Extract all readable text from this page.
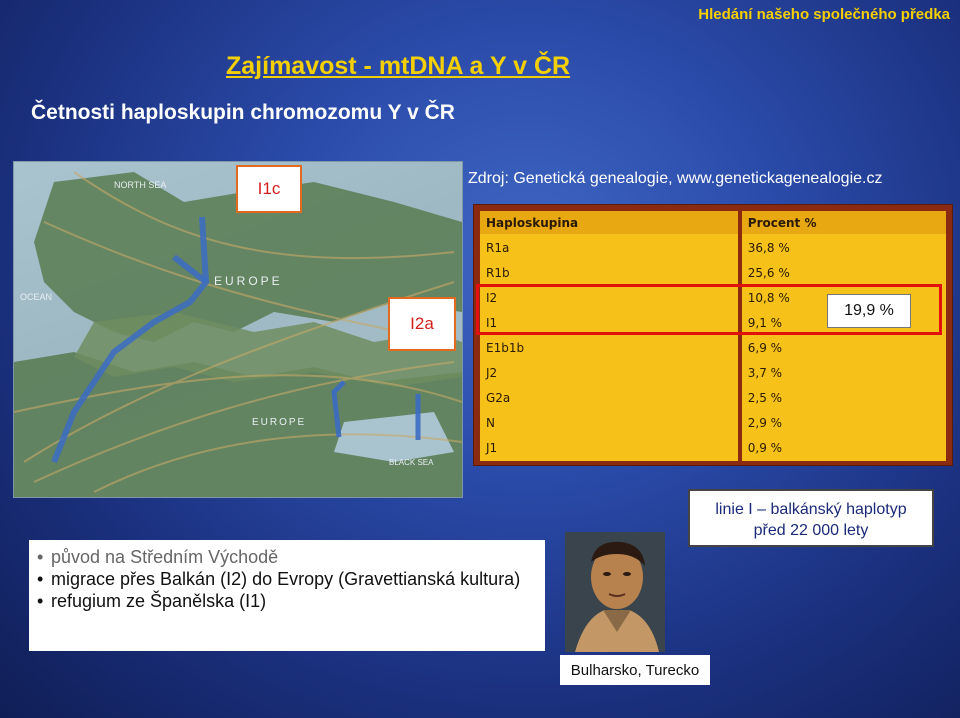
Hledání našeho společného předka
Zajímavost - mtDNA a Y v ČR
Četnosti haploskupin chromozomu Y v ČR
Zdroj: Genetická genealogie, www.genetickagenealogie.cz
NORTH SEA
EUROPE
OCEAN
EUROPE
BLACK SEA
I1c
I2a
Haploskupina	Procent %
R1a	36,8 %
R1b	25,6 %
I2	10,8 %
I1	9,1 %
E1b1b	6,9 %
J2	3,7 %
G2a	2,5 %
N	2,9 %
J1	0,9 %
19,9 %
linie I – balkánský haplotyp
před 22 000 lety
• původ na Středním Východě
• migrace přes Balkán (I2) do Evropy (Gravettianská kultura)
• refugium ze Španělska (I1)
Bulharsko, Turecko
